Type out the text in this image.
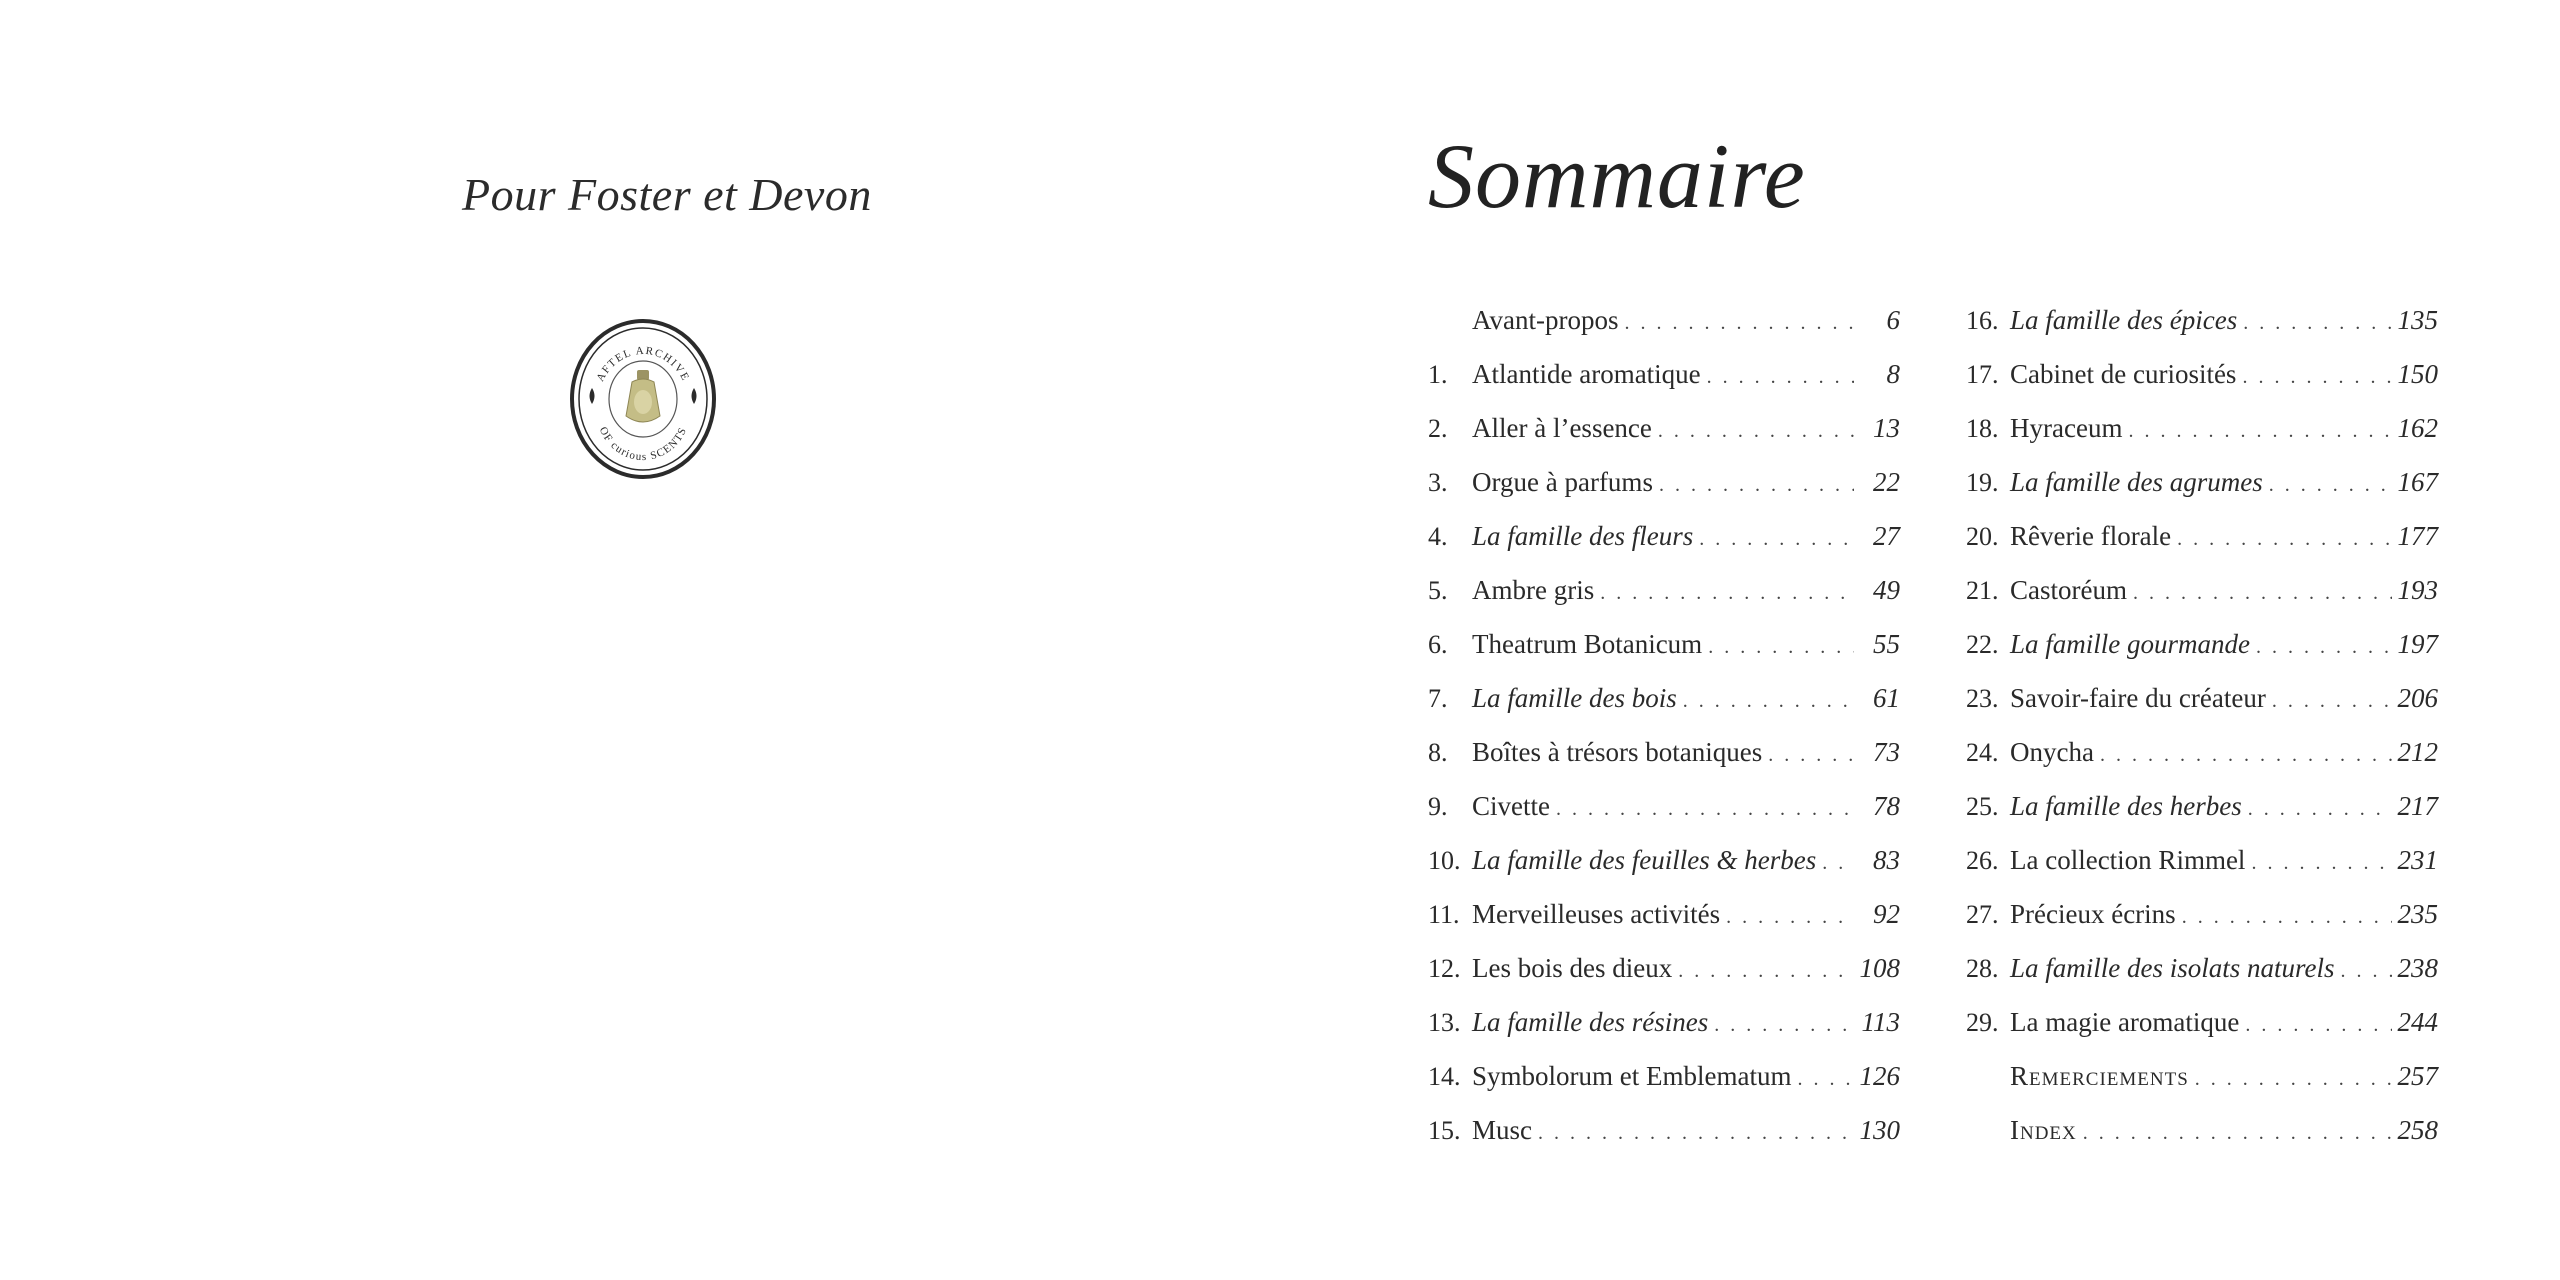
Pour Foster et Devon
AFTEL ARCHIVE
OF curious SCENTS
Sommaire
Avant-propos . . .	6
1. Atlantide aromatique . . .	8
2. Aller à l’essence . . .	13
3. Orgue à parfums . . .	22
4. La famille des fleurs . . .	27
5. Ambre gris . . .	49
6. Theatrum Botanicum . . .	55
7. La famille des bois . . .	61
8. Boîtes à trésors botaniques . . .	73
9. Civette . . .	78
10. La famille des feuilles & herbes . . .	83
11. Merveilleuses activités . . .	92
12. Les bois des dieux . . .	108
13. La famille des résines . . .	113
14. Symbolorum et Emblematum . . .	126
15. Musc . . .	130
16. La famille des épices . . .	135
17. Cabinet de curiosités . . .	150
18. Hyraceum . . .	162
19. La famille des agrumes . . .	167
20. Rêverie florale . . .	177
21. Castoréum . . .	193
22. La famille gourmande . . .	197
23. Savoir-faire du créateur . . .	206
24. Onycha . . .	212
25. La famille des herbes . . .	217
26. La collection Rimmel . . .	231
27. Précieux écrins . . .	235
28. La famille des isolats naturels . . . 238
29. La magie aromatique . . .	244
Remerciements . . .	257
Index . . .	258
